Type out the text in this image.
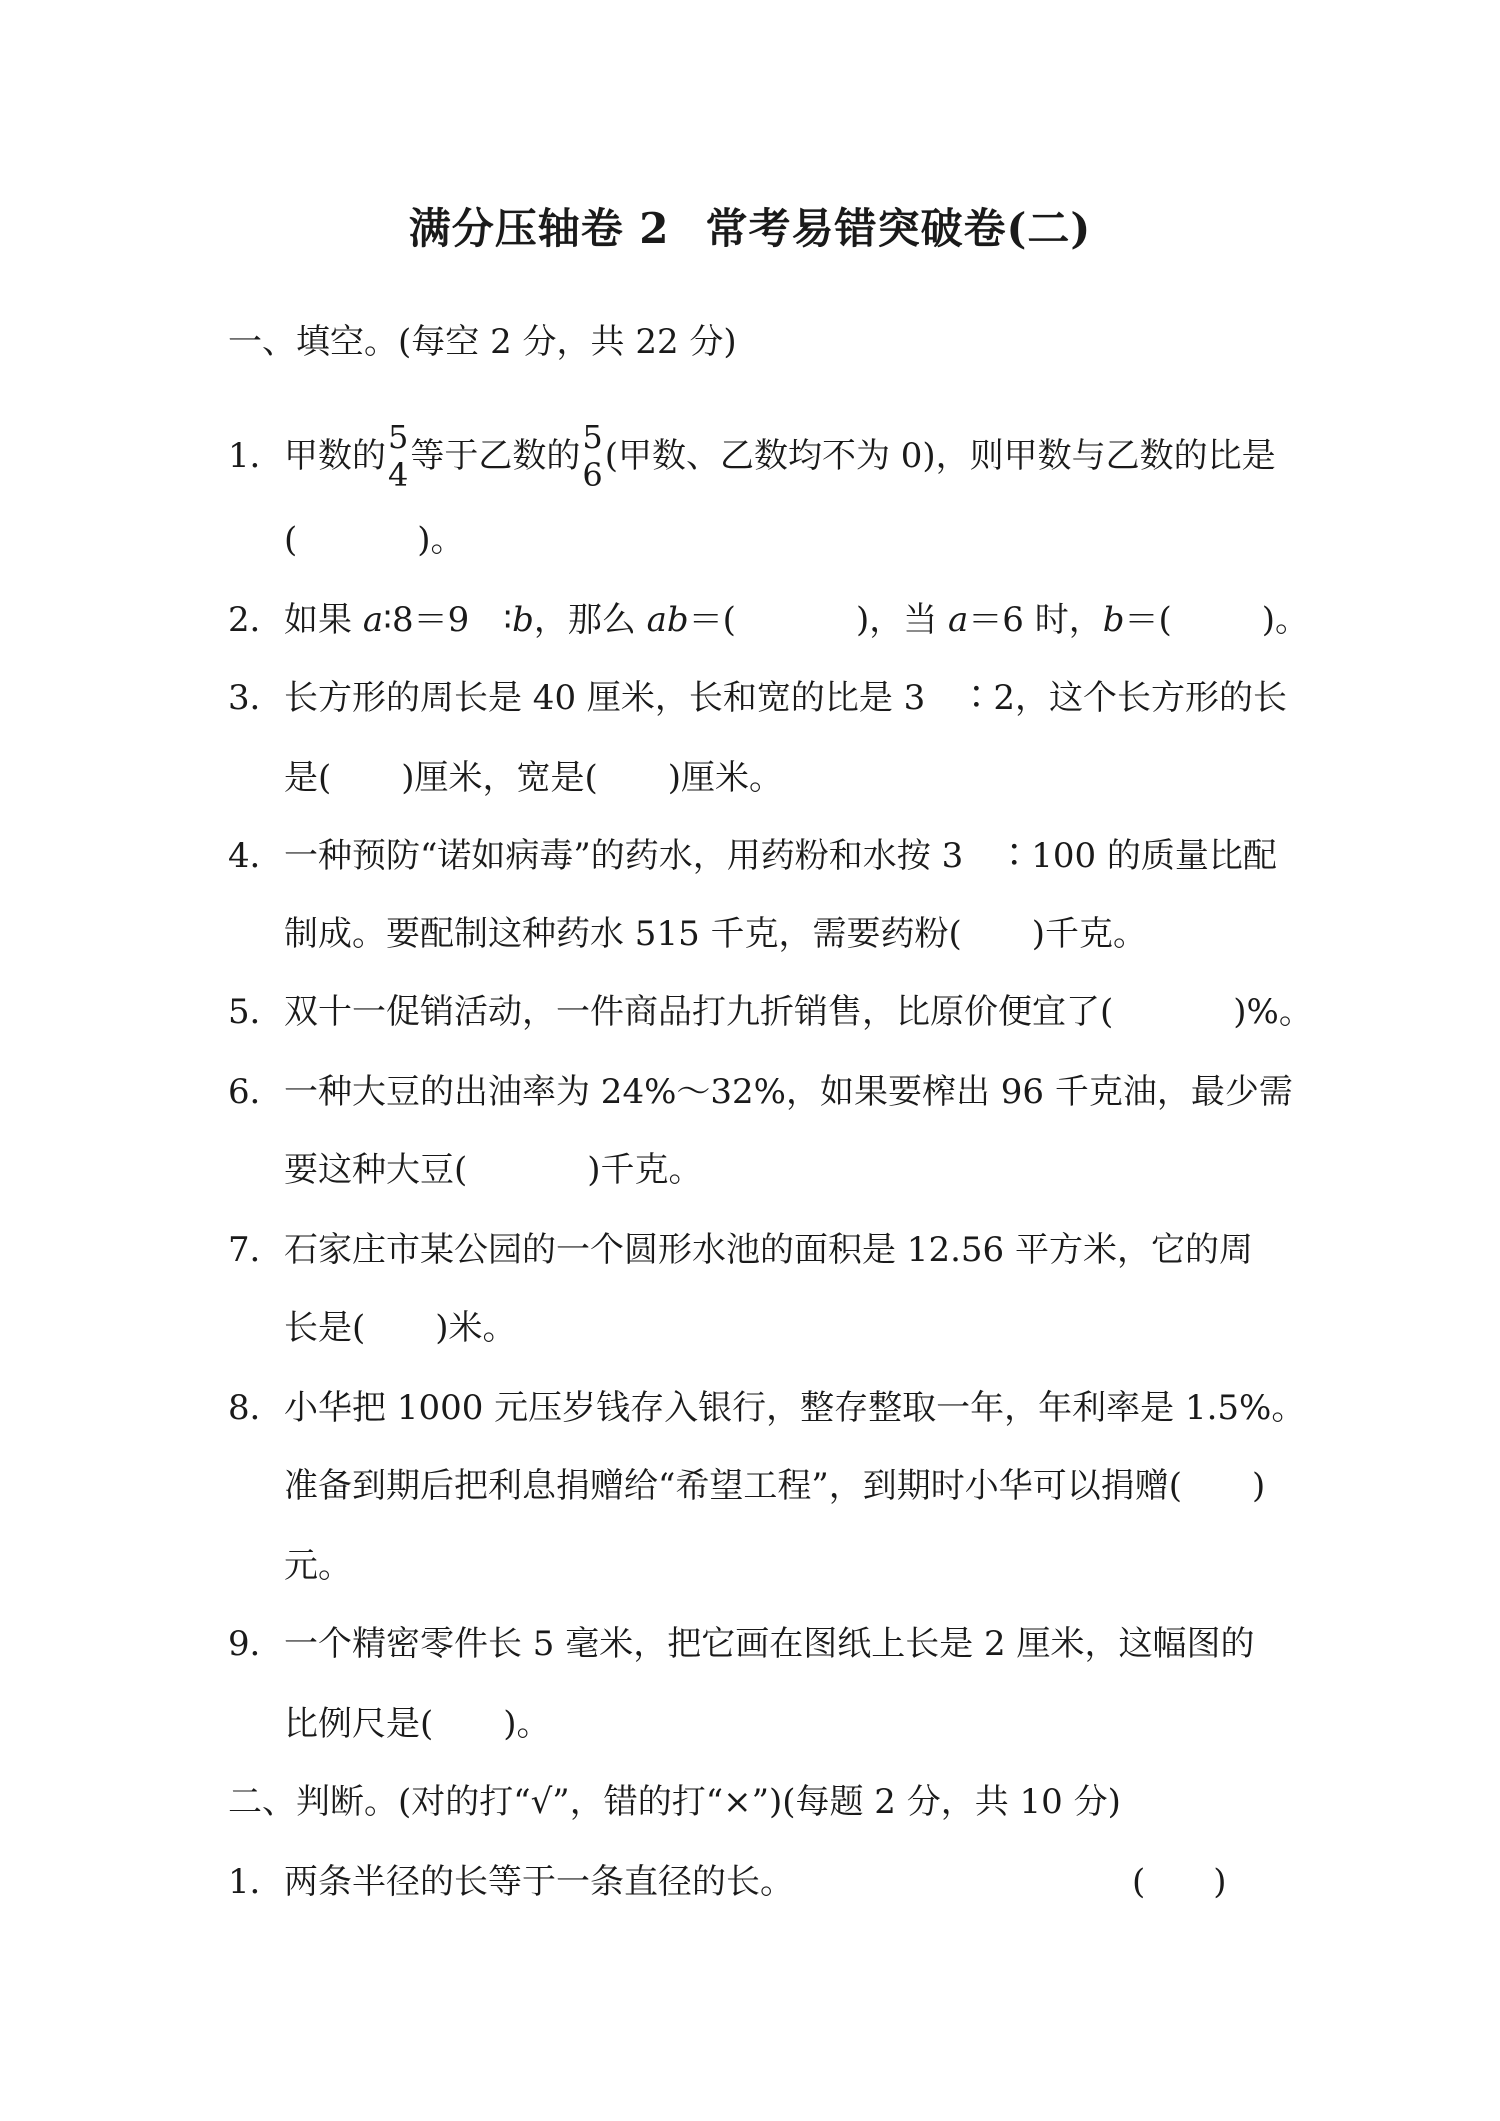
满分压轴卷 2 常考易错突破卷(二)
一、填空。(每空 2 分，共 22 分)
1．甲数的 5
4 等于乙数的 5
6 (甲数、乙数均不为 0)，则甲数与乙数的比是
(	)。
2．如果 a∶8＝9　∶b，那么 ab＝(	)，当 a＝6 时，b＝(	)。
3．长方形的周长是 40 厘米，长和宽的比是 3　∶2，这个长方形的长
是( )厘米，宽是( )厘米。
4．一种预防“诺如病毒”的药水，用药粉和水按 3　∶100 的质量比配
制成。要配制这种药水 515 千克，需要药粉( )千克。
5．双十一促销活动，一件商品打九折销售，比原价便宜了(	)%。
6．一种大豆的出油率为 24%～32%，如果要榨出 96 千克油，最少需
要这种大豆(	)千克。
7．石家庄市某公园的一个圆形水池的面积是 12.56 平方米，它的周
长是( )米。
8．小华把 1000 元压岁钱存入银行，整存整取一年，年利率是 1.5%。
准备到期后把利息捐赠给“希望工程”，到期时小华可以捐赠( )
元。
9．一个精密零件长 5 毫米，把它画在图纸上长是 2 厘米，这幅图的
比例尺是( )。
二、判断。(对的打“√”，错的打“×”)(每题 2 分，共 10 分)
1．两条半径的长等于一条直径的长。	(　　)
